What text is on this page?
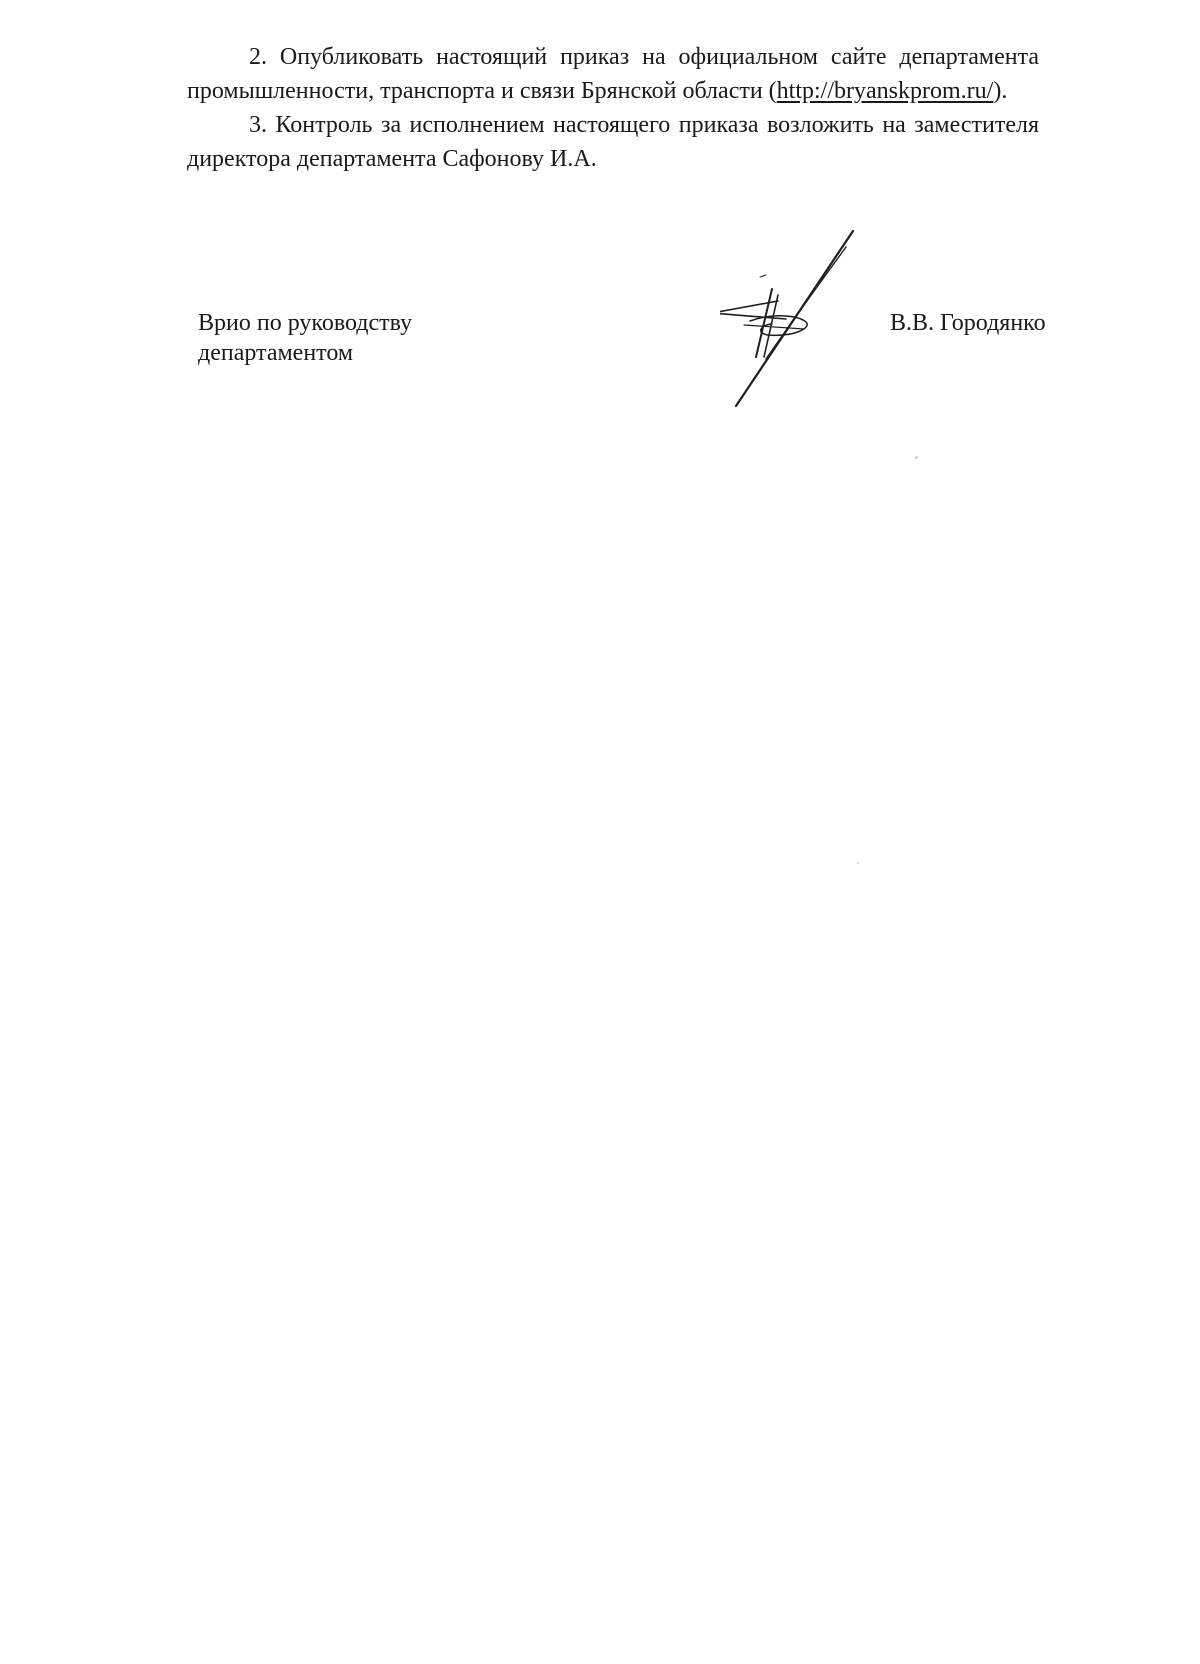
2. Опубликовать настоящий приказ на официальном сайте департамента промышленности, транспорта и связи Брянской области (http://bryanskprom.ru/).

3. Контроль за исполнением настоящего приказа возложить на заместителя директора департамента Сафонову И.А.

Врио по руководству
департаментом
В.В. Городянко
